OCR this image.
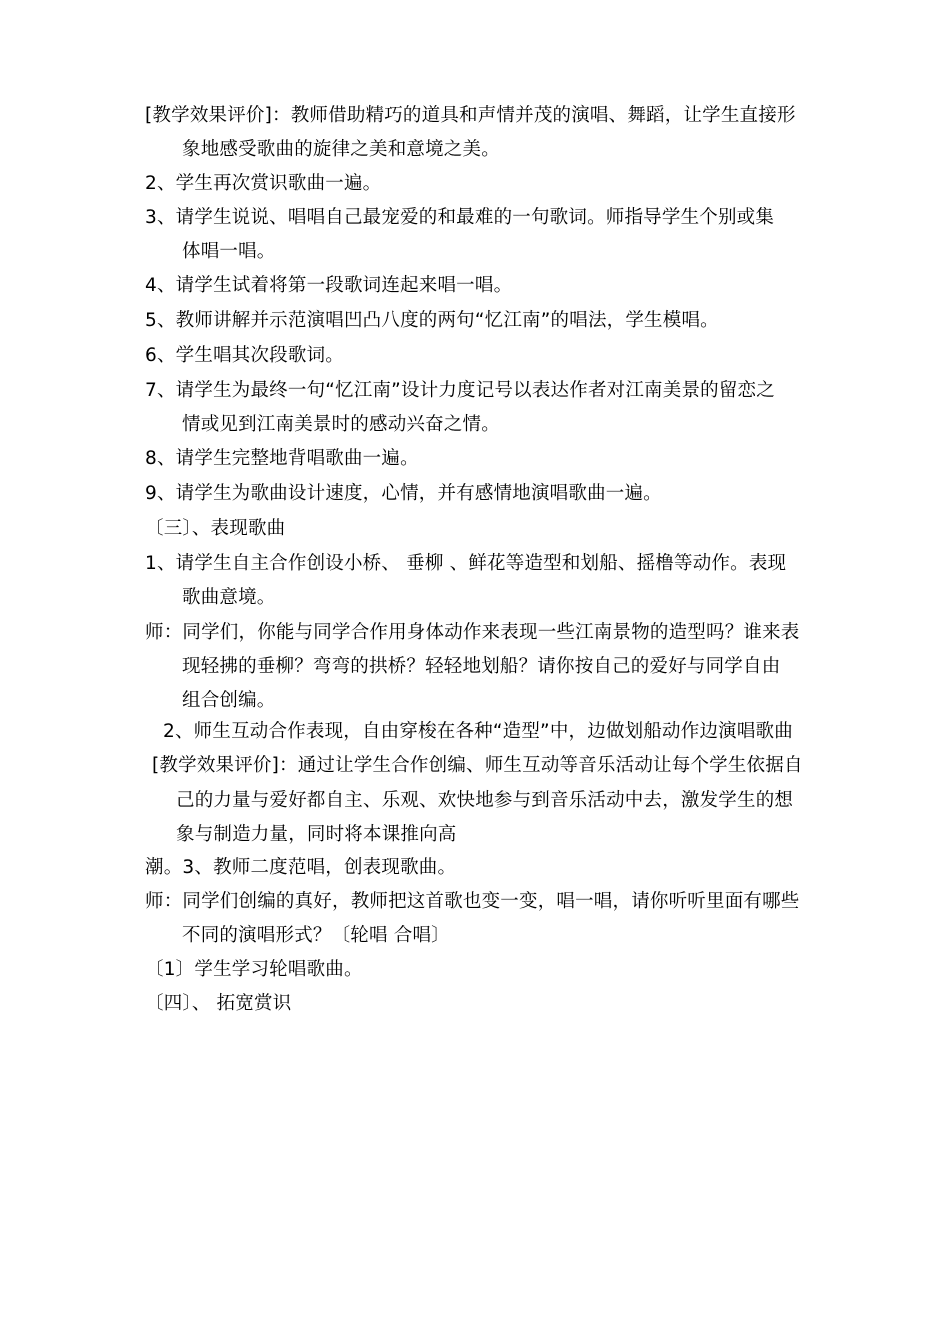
[教学效果评价]：教师借助精巧的道具和声情并茂的演唱、舞蹈，让学生直接形
象地感受歌曲的旋律之美和意境之美。
2、学生再次赏识歌曲一遍。
3、请学生说说、唱唱自己最宠爱的和最难的一句歌词。师指导学生个别或集
体唱一唱。
4、请学生试着将第一段歌词连起来唱一唱。
5、教师讲解并示范演唱凹凸八度的两句“忆江南”的唱法，学生模唱。
6、学生唱其次段歌词。
7、请学生为最终一句“忆江南”设计力度记号以表达作者对江南美景的留恋之
情或见到江南美景时的感动兴奋之情。
8、请学生完整地背唱歌曲一遍。
9、请学生为歌曲设计速度，心情，并有感情地演唱歌曲一遍。
〔三〕、表现歌曲
1、请学生自主合作创设小桥、 垂柳 、鲜花等造型和划船、摇橹等动作。表现
歌曲意境。
师：同学们，你能与同学合作用身体动作来表现一些江南景物的造型吗？谁来表
现轻拂的垂柳？弯弯的拱桥？轻轻地划船？请你按自己的爱好与同学自由
组合创编。
2、师生互动合作表现，自由穿梭在各种“造型”中，边做划船动作边演唱歌曲
[教学效果评价]：通过让学生合作创编、师生互动等音乐活动让每个学生依据自
己的力量与爱好都自主、乐观、欢快地参与到音乐活动中去，激发学生的想
象与制造力量，同时将本课推向高
潮。3、教师二度范唱，创表现歌曲。
师：同学们创编的真好，教师把这首歌也变一变，唱一唱，请你听听里面有哪些
不同的演唱形式？〔轮唱 合唱〕
〔1〕学生学习轮唱歌曲。
〔四〕、 拓宽赏识
